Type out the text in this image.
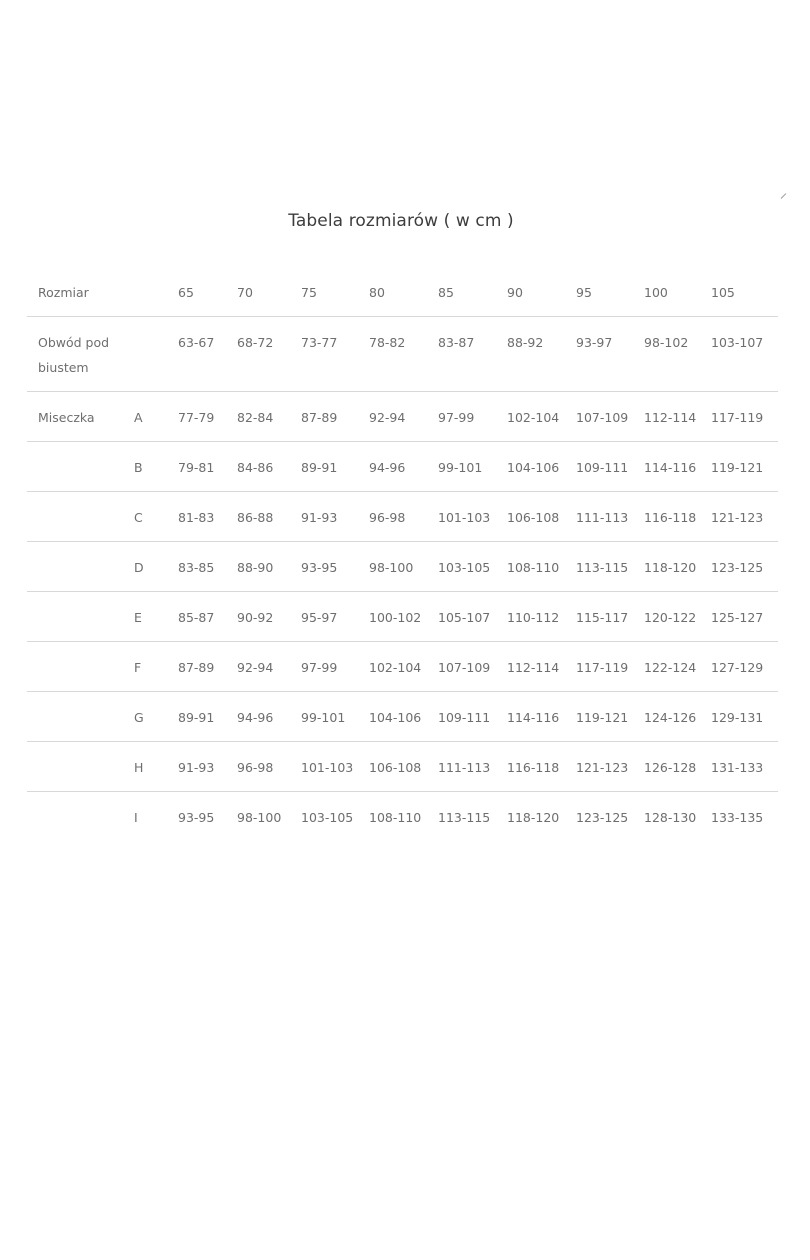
Tabela rozmiarów ( w cm )
Rozmiar		65	70	75	80	85	90	95	100	105
Obwód pod biustem		63-67	68-72	73-77	78-82	83-87	88-92	93-97	98-102	103-107
Miseczka	A	77-79	82-84	87-89	92-94	97-99	102-104	107-109	112-114	117-119
	B	79-81	84-86	89-91	94-96	99-101	104-106	109-111	114-116	119-121
	C	81-83	86-88	91-93	96-98	101-103	106-108	111-113	116-118	121-123
	D	83-85	88-90	93-95	98-100	103-105	108-110	113-115	118-120	123-125
	E	85-87	90-92	95-97	100-102	105-107	110-112	115-117	120-122	125-127
	F	87-89	92-94	97-99	102-104	107-109	112-114	117-119	122-124	127-129
	G	89-91	94-96	99-101	104-106	109-111	114-116	119-121	124-126	129-131
	H	91-93	96-98	101-103	106-108	111-113	116-118	121-123	126-128	131-133
	I	93-95	98-100	103-105	108-110	113-115	118-120	123-125	128-130	133-135
